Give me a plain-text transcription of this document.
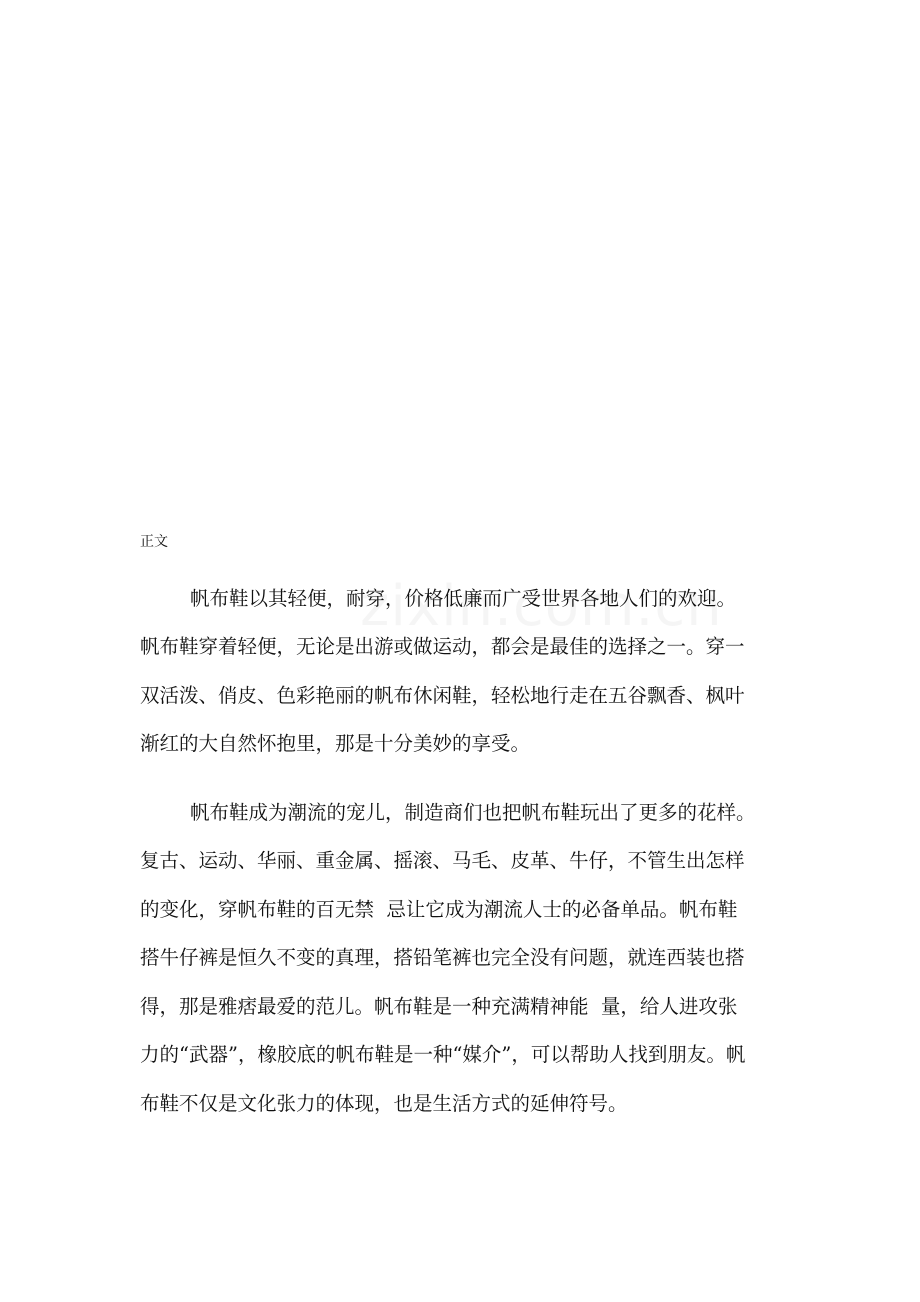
正文
帆布鞋以其轻便，耐穿，价格低廉而广受世界各地人们的欢迎。
帆布鞋穿着轻便，无论是出游或做运动，都会是最佳的选择之一。穿一
双活泼、俏皮、色彩艳丽的帆布休闲鞋，轻松地行走在五谷飘香、枫叶
渐红的大自然怀抱里，那是十分美妙的享受。
帆布鞋成为潮流的宠儿，制造商们也把帆布鞋玩出了更多的花样。
复古、运动、华丽、重金属、摇滚、马毛、皮革、牛仔，不管生出怎样
的变化，穿帆布鞋的百无禁  忌让它成为潮流人士的必备单品。帆布鞋
搭牛仔裤是恒久不变的真理，搭铅笔裤也完全没有问题，就连西装也搭
得，那是雅痞最爱的范儿。帆布鞋是一种充满精神能  量，给人进攻张
力的“武器”，橡胶底的帆布鞋是一种“媒介”，可以帮助人找到朋友。帆
布鞋不仅是文化张力的体现，也是生活方式的延伸符号。
